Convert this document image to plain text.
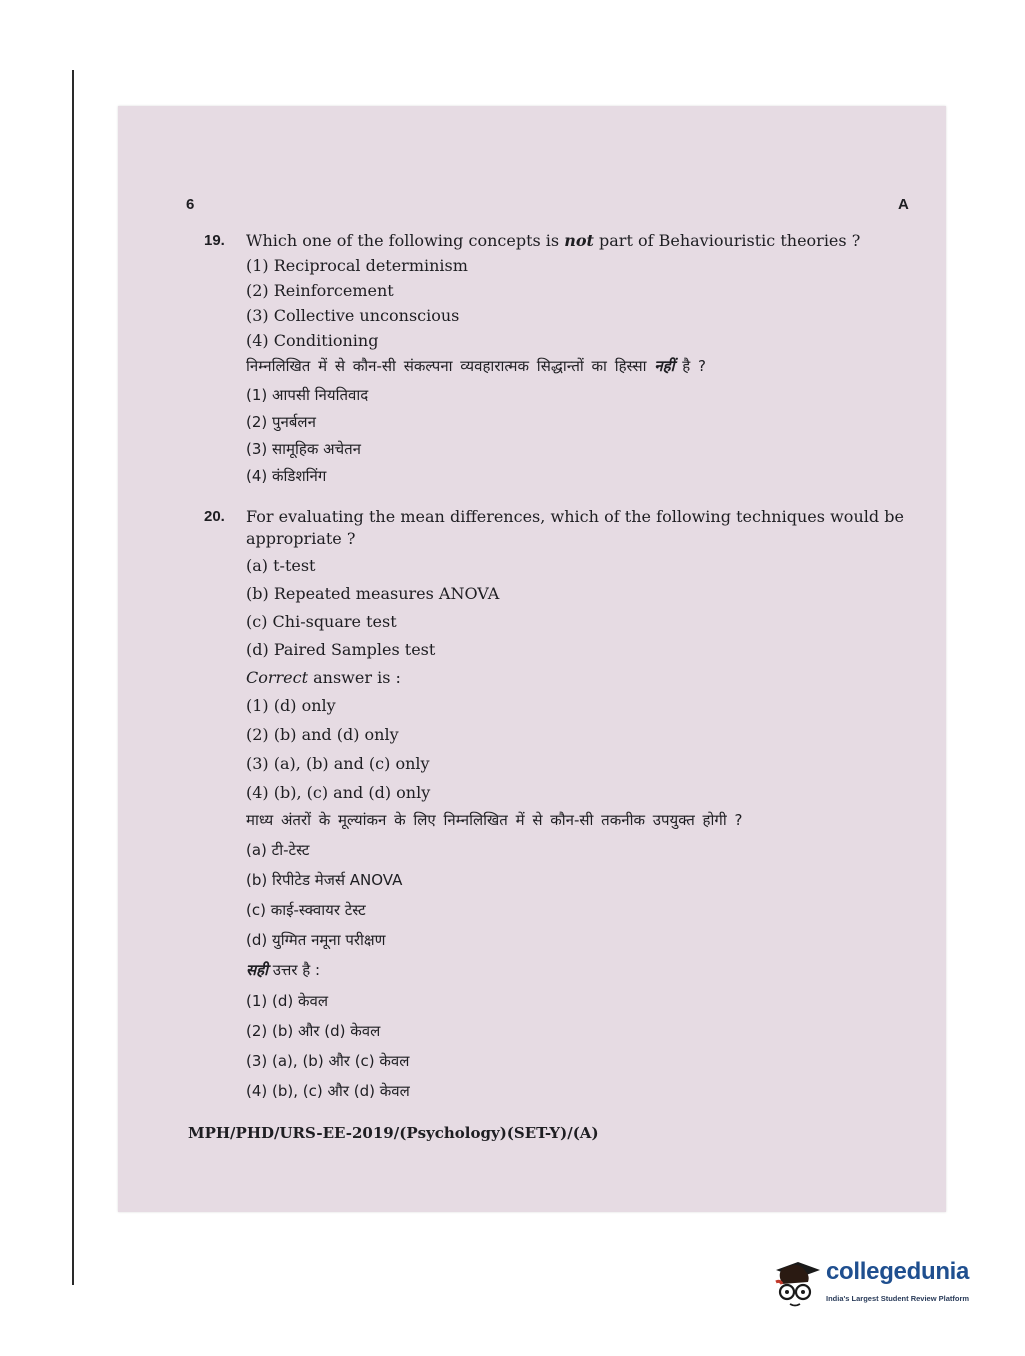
6	A
19.	Which one of the following concepts is not part of Behaviouristic theories ?
(1) Reciprocal determinism
(2) Reinforcement
(3) Collective unconscious
(4) Conditioning
निम्नलिखित में से कौन-सी संकल्पना व्यवहारात्मक सिद्धान्तों का हिस्सा नहीं है ?
(1) आपसी नियतिवाद
(2) पुनर्बलन
(3) सामूहिक अचेतन
(4) कंडिशनिंग
20.	For evaluating the mean differences, which of the following techniques would be appropriate ?
(a) t-test
(b) Repeated measures ANOVA
(c) Chi-square test
(d) Paired Samples test
Correct answer is :
(1) (d) only
(2) (b) and (d) only
(3) (a), (b) and (c) only
(4) (b), (c) and (d) only
माध्य अंतरों के मूल्यांकन के लिए निम्नलिखित में से कौन-सी तकनीक उपयुक्त होगी ?
(a) टी-टेस्ट
(b) रिपीटेड मेजर्स ANOVA
(c) काई-स्क्वायर टेस्ट
(d) युग्मित नमूना परीक्षण
सही उत्तर है :
(1) (d) केवल
(2) (b) और (d) केवल
(3) (a), (b) और (c) केवल
(4) (b), (c) और (d) केवल
MPH/PHD/URS-EE-2019/(Psychology)(SET-Y)/(A)
collegedunia
India's Largest Student Review Platform
